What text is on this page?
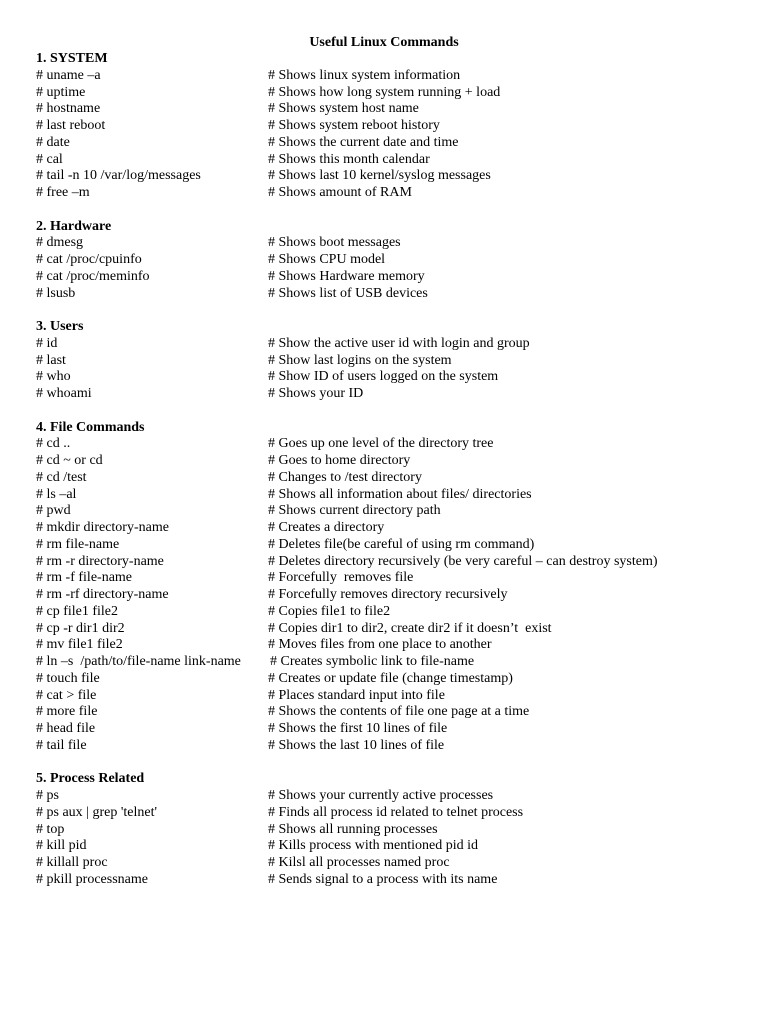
Useful Linux Commands
1. SYSTEM
# uname –a	# Shows linux system information
# uptime	# Shows how long system running + load
# hostname	# Shows system host name
# last reboot	# Shows system reboot history
# date	# Shows the current date and time
# cal	# Shows this month calendar
# tail -n 10 /var/log/messages	# Shows last 10 kernel/syslog messages
# free –m	# Shows amount of RAM
2. Hardware
# dmesg	# Shows boot messages
# cat /proc/cpuinfo	# Shows CPU model
# cat /proc/meminfo	# Shows Hardware memory
# lsusb	# Shows list of USB devices
3. Users
# id	# Show the active user id with login and group
# last	# Show last logins on the system
# who	# Show ID of users logged on the system
# whoami	# Shows your ID
4. File Commands
# cd ..	# Goes up one level of the directory tree
# cd ~ or cd	# Goes to home directory
# cd /test	# Changes to /test directory
# ls –al	# Shows all information about files/ directories
# pwd	# Shows current directory path
# mkdir directory-name	# Creates a directory
# rm file-name	# Deletes file(be careful of using rm command)
# rm -r directory-name	# Deletes directory recursively (be very careful – can destroy system)
# rm -f file-name	# Forcefully  removes file
# rm -rf directory-name	# Forcefully removes directory recursively
# cp file1 file2	# Copies file1 to file2
# cp -r dir1 dir2	# Copies dir1 to dir2, create dir2 if it doesn’t  exist
# mv file1 file2	# Moves files from one place to another
# ln –s  /path/to/file-name link-name # Creates symbolic link to file-name
# touch file	# Creates or update file (change timestamp)
# cat > file	# Places standard input into file
# more file	# Shows the contents of file one page at a time
# head file	# Shows the first 10 lines of file
# tail file	# Shows the last 10 lines of file
5. Process Related
# ps	# Shows your currently active processes
# ps aux | grep 'telnet'	# Finds all process id related to telnet process
# top	# Shows all running processes
# kill pid	# Kills process with mentioned pid id
# killall proc	# Kilsl all processes named proc
# pkill processname	# Sends signal to a process with its name
